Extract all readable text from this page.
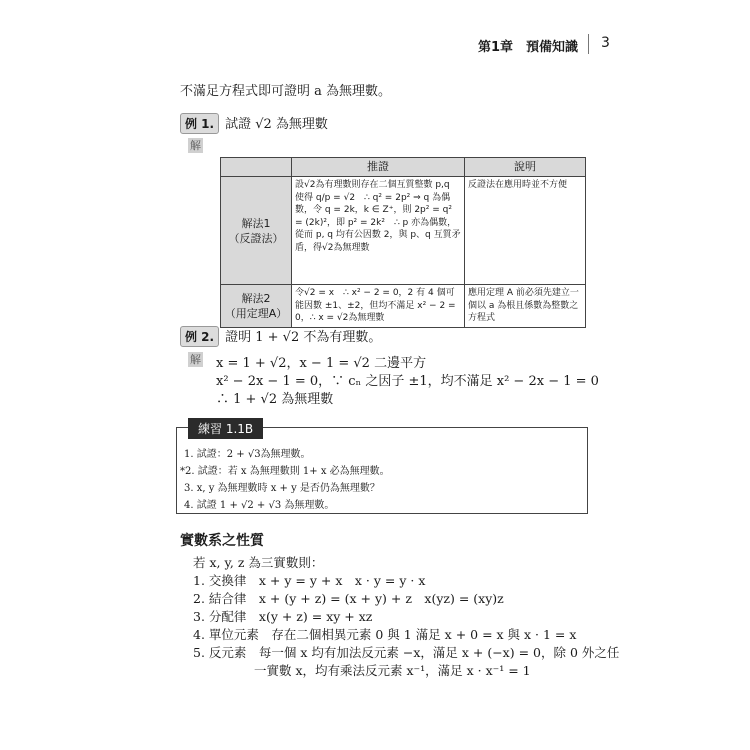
第1章　預備知識 3
不滿足方程式即可證明 a 為無理數。
例 1. 試證 √2 為無理數
解
	推證	說明

解法1
（反證法）	設√2為有理數則存在二個互質整數 p,q 使得 q/p = √2　∴ q² = 2p² ⇒ q 為偶數，令 q = 2k，k ∈ Z⁺，則 2p² = q² = (2k)²，即 p² = 2k²　∴ p 亦為偶數，從而 p, q 均有公因數 2，與 p、q 互質矛盾，得√2為無理數	反證法在應用時並不方便

解法2
（用定理A）	令√2 = x　∴ x² − 2 = 0，2 有 4 個可能因數 ±1、±2，但均不滿足 x² − 2 = 0，∴ x = √2為無理數	應用定理 A 前必須先建立一個以 a 為根且係數為整數之方程式
例 2. 證明 1 + √2 不為有理數。
解 x = 1 + √2，x − 1 = √2 二邊平方
x² − 2x − 1 = 0，∵ cₙ 之因子 ±1，均不滿足 x² − 2x − 1 = 0
∴ 1 + √2 為無理數
練習 1.1B
1. 試證：2 + √3為無理數。
*2. 試證：若 x 為無理數則 1+ x 必為無理數。
3. x, y 為無理數時 x + y 是否仍為無理數？
4. 試證 1 + √2 + √3 為無理數。
實數系之性質
若 x, y, z 為三實數則：
1. 交換律　x + y = y + x　x · y = y · x
2. 結合律　x + (y + z) = (x + y) + z　x(yz) = (xy)z
3. 分配律　x(y + z) = xy + xz
4. 單位元素　存在二個相異元素 0 與 1 滿足 x + 0 = x 與 x · 1 = x
5. 反元素　每一個 x 均有加法反元素 −x，滿足 x + (−x) = 0，除 0 外之任
一實數 x，均有乘法反元素 x⁻¹，滿足 x · x⁻¹ = 1
